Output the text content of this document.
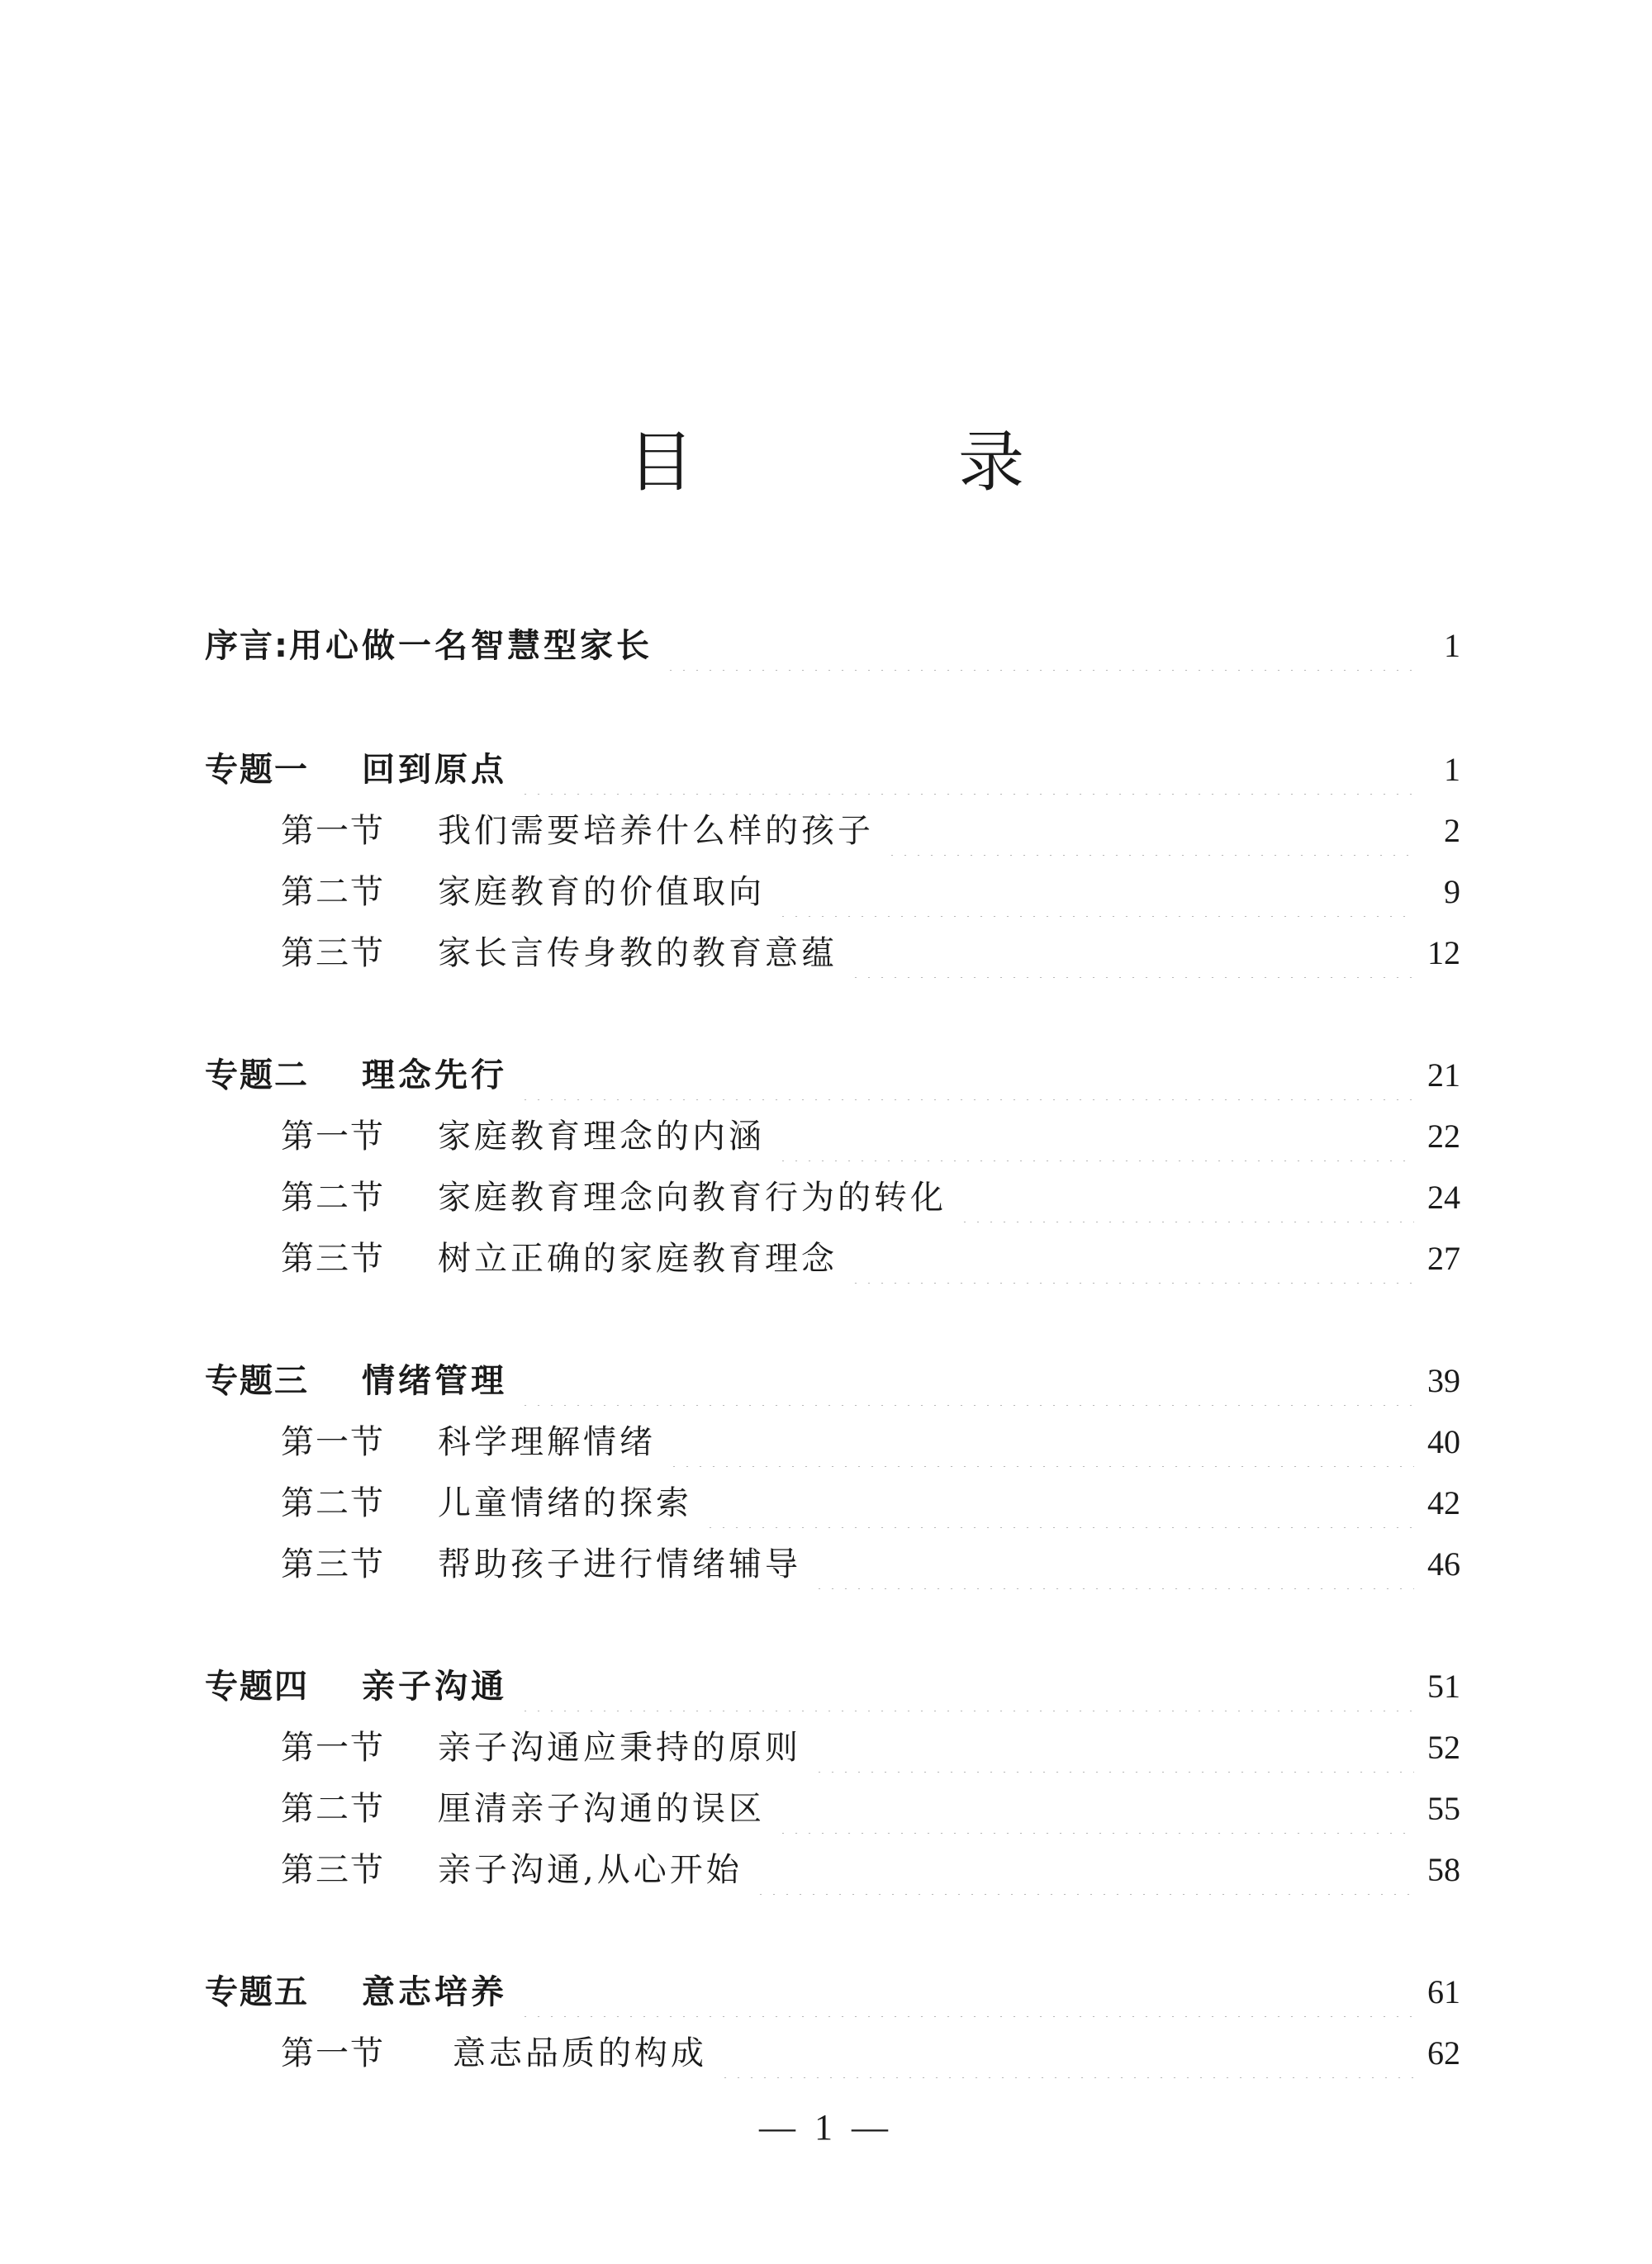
目　录
序言: 用心做一名智慧型家长	1
专题一	回到原点	1
第一节	我们需要培养什么样的孩子	2
第二节	家庭教育的价值取向	9
第三节	家长言传身教的教育意蕴	12
专题二	理念先行	21
第一节	家庭教育理念的内涵	22
第二节	家庭教育理念向教育行为的转化	24
第三节	树立正确的家庭教育理念	27
专题三	情绪管理	39
第一节	科学理解情绪	40
第二节	儿童情绪的探索	42
第三节	帮助孩子进行情绪辅导	46
专题四	亲子沟通	51
第一节	亲子沟通应秉持的原则	52
第二节	厘清亲子沟通的误区	55
第三节	亲子沟通,从心开始	58
专题五	意志培养	61
第一节	意志品质的构成	62
— 1 —
